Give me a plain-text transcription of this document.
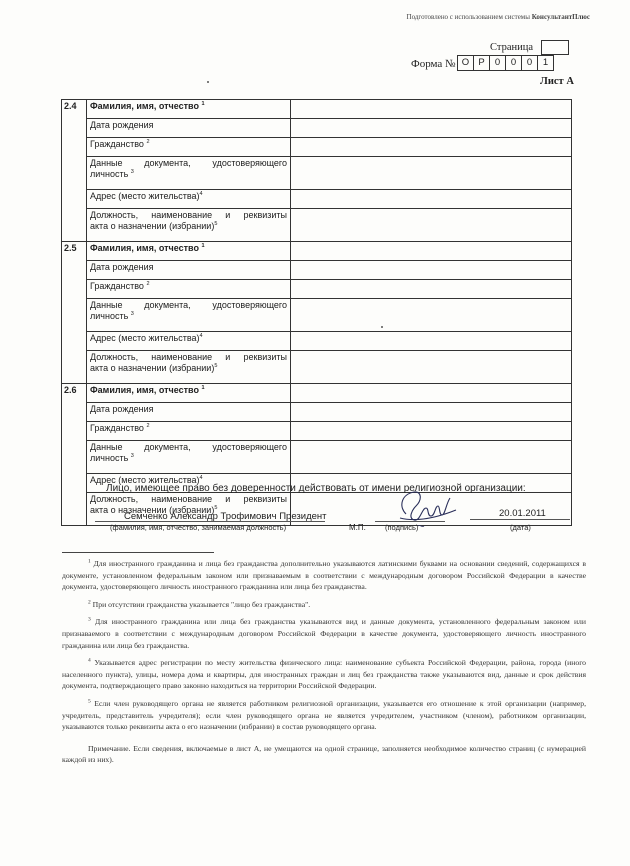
Подготовлено с использованием системы КонсультантПлюс
Страница
Форма № О Р	0	0	0	1
Лист А
2.4	Фамилия, имя, отчество $^1$	
	Дата рождения	
	Гражданство $^2$	

	Данные документа, удостоверяющего
личность $^3$

	Адрес (место жительства)$^4$	

	Должность, наименование и реквизиты
акта о назначении (избрании)$^5$

2.5	Фамилия, имя, отчество $^1$	
	Дата рождения	
	Гражданство $^2$	

	Данные документа, удостоверяющего
личность $^3$

	Адрес (место жительства)$^4$	

	Должность, наименование и реквизиты
акта о назначении (избрании)$^5$

2.6	Фамилия, имя, отчество $^1$	
	Дата рождения	
	Гражданство $^2$	

	Данные документа, удостоверяющего
личность $^3$

	Адрес (место жительства)$^4$	

	Должность, наименование и реквизиты
акта о назначении (избрании)$^5$

Лицо, имеющее право без доверенности действовать от имени религиозной организации:
Семченко Александр Трофимович Президент
(фамилия, имя, отчество, занимаемая должность)	М.П.	(подпись)
20.01.2011
(дата)

$^1$ Для иностранного гражданина и лица без гражданства дополнительно указываются латинскими буквами на основании сведений, содержащихся в документе, установленном федеральным законом или признаваемым в соответствии с международным договором Российской Федерации в качестве документа, удостоверяющего личность иностранного гражданина или лица без гражданства.

$^2$ При отсутствии гражданства указывается "лицо без гражданства".

$^3$ Для иностранного гражданина или лица без гражданства указываются вид и данные документа, установленного федеральным законом или признаваемого в соответствии с международным договором Российской Федерации в качестве документа, удостоверяющего личность иностранного гражданина или лица без гражданства.

$^4$ Указывается адрес регистрации по месту жительства физического лица: наименование субъекта Российской Федерации, района, города (иного населенного пункта), улицы, номера дома и квартиры, для иностранных граждан и лиц без гражданства также указываются вид, данные и срок действия документа, подтверждающего право законно находиться на территории Российской Федерации.

$^5$ Если член руководящего органа не является работником религиозной организации, указывается его отношение к этой организации (например, учредитель, представитель учредителя); если член руководящего органа не является учредителем, участником (членом), работником организации, указываются только реквизиты акта о его назначении (избрании) в состав руководящего органа.

Примечание. Если сведения, включаемые в лист А, не умещаются на одной странице, заполняется необходимое количество страниц (с нумерацией каждой из них).
